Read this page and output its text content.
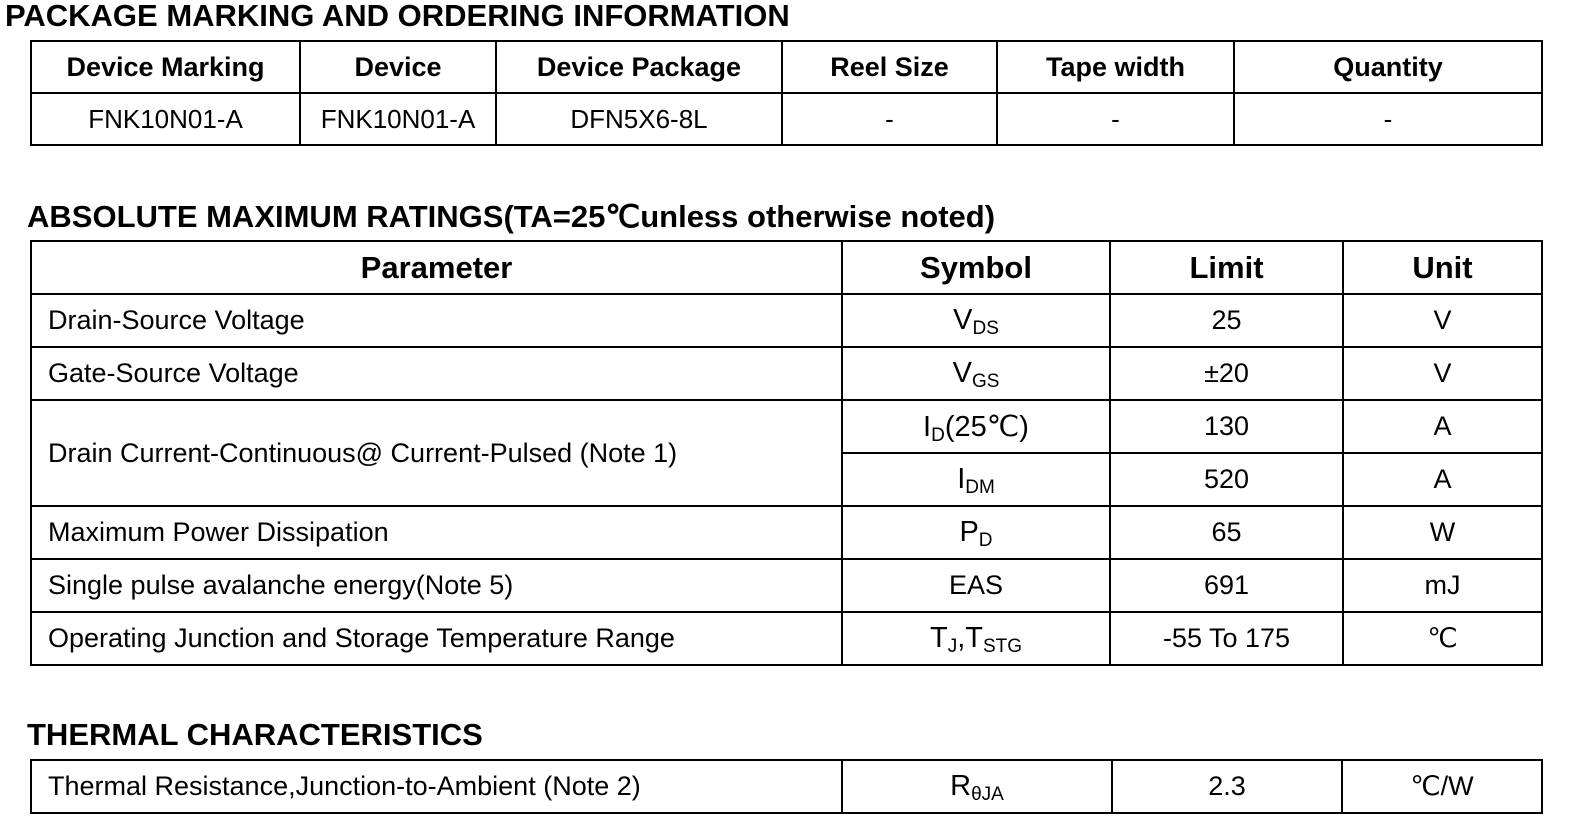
PACKAGE MARKING AND ORDERING INFORMATION
Device Marking	Device	Device Package	Reel Size	Tape width	Quantity
FNK10N01-A	FNK10N01-A	DFN5X6-8L	-	-	-
ABSOLUTE MAXIMUM RATINGS(TA=25℃unless otherwise noted)
Parameter	Symbol	Limit	Unit
Drain-Source Voltage	VDS	25	V
Gate-Source Voltage	VGS	±20	V
Drain Current-Continuous@ Current-Pulsed (Note 1)	ID(25℃)	130	A
	IDM	520	A
Maximum Power Dissipation	PD	65	W
Single pulse avalanche energy(Note 5)	EAS	691	mJ
Operating Junction and Storage Temperature Range	TJ,TSTG	-55 To 175	℃
THERMAL CHARACTERISTICS
Thermal Resistance,Junction-to-Ambient (Note 2)	RθJA	2.3	℃/W
